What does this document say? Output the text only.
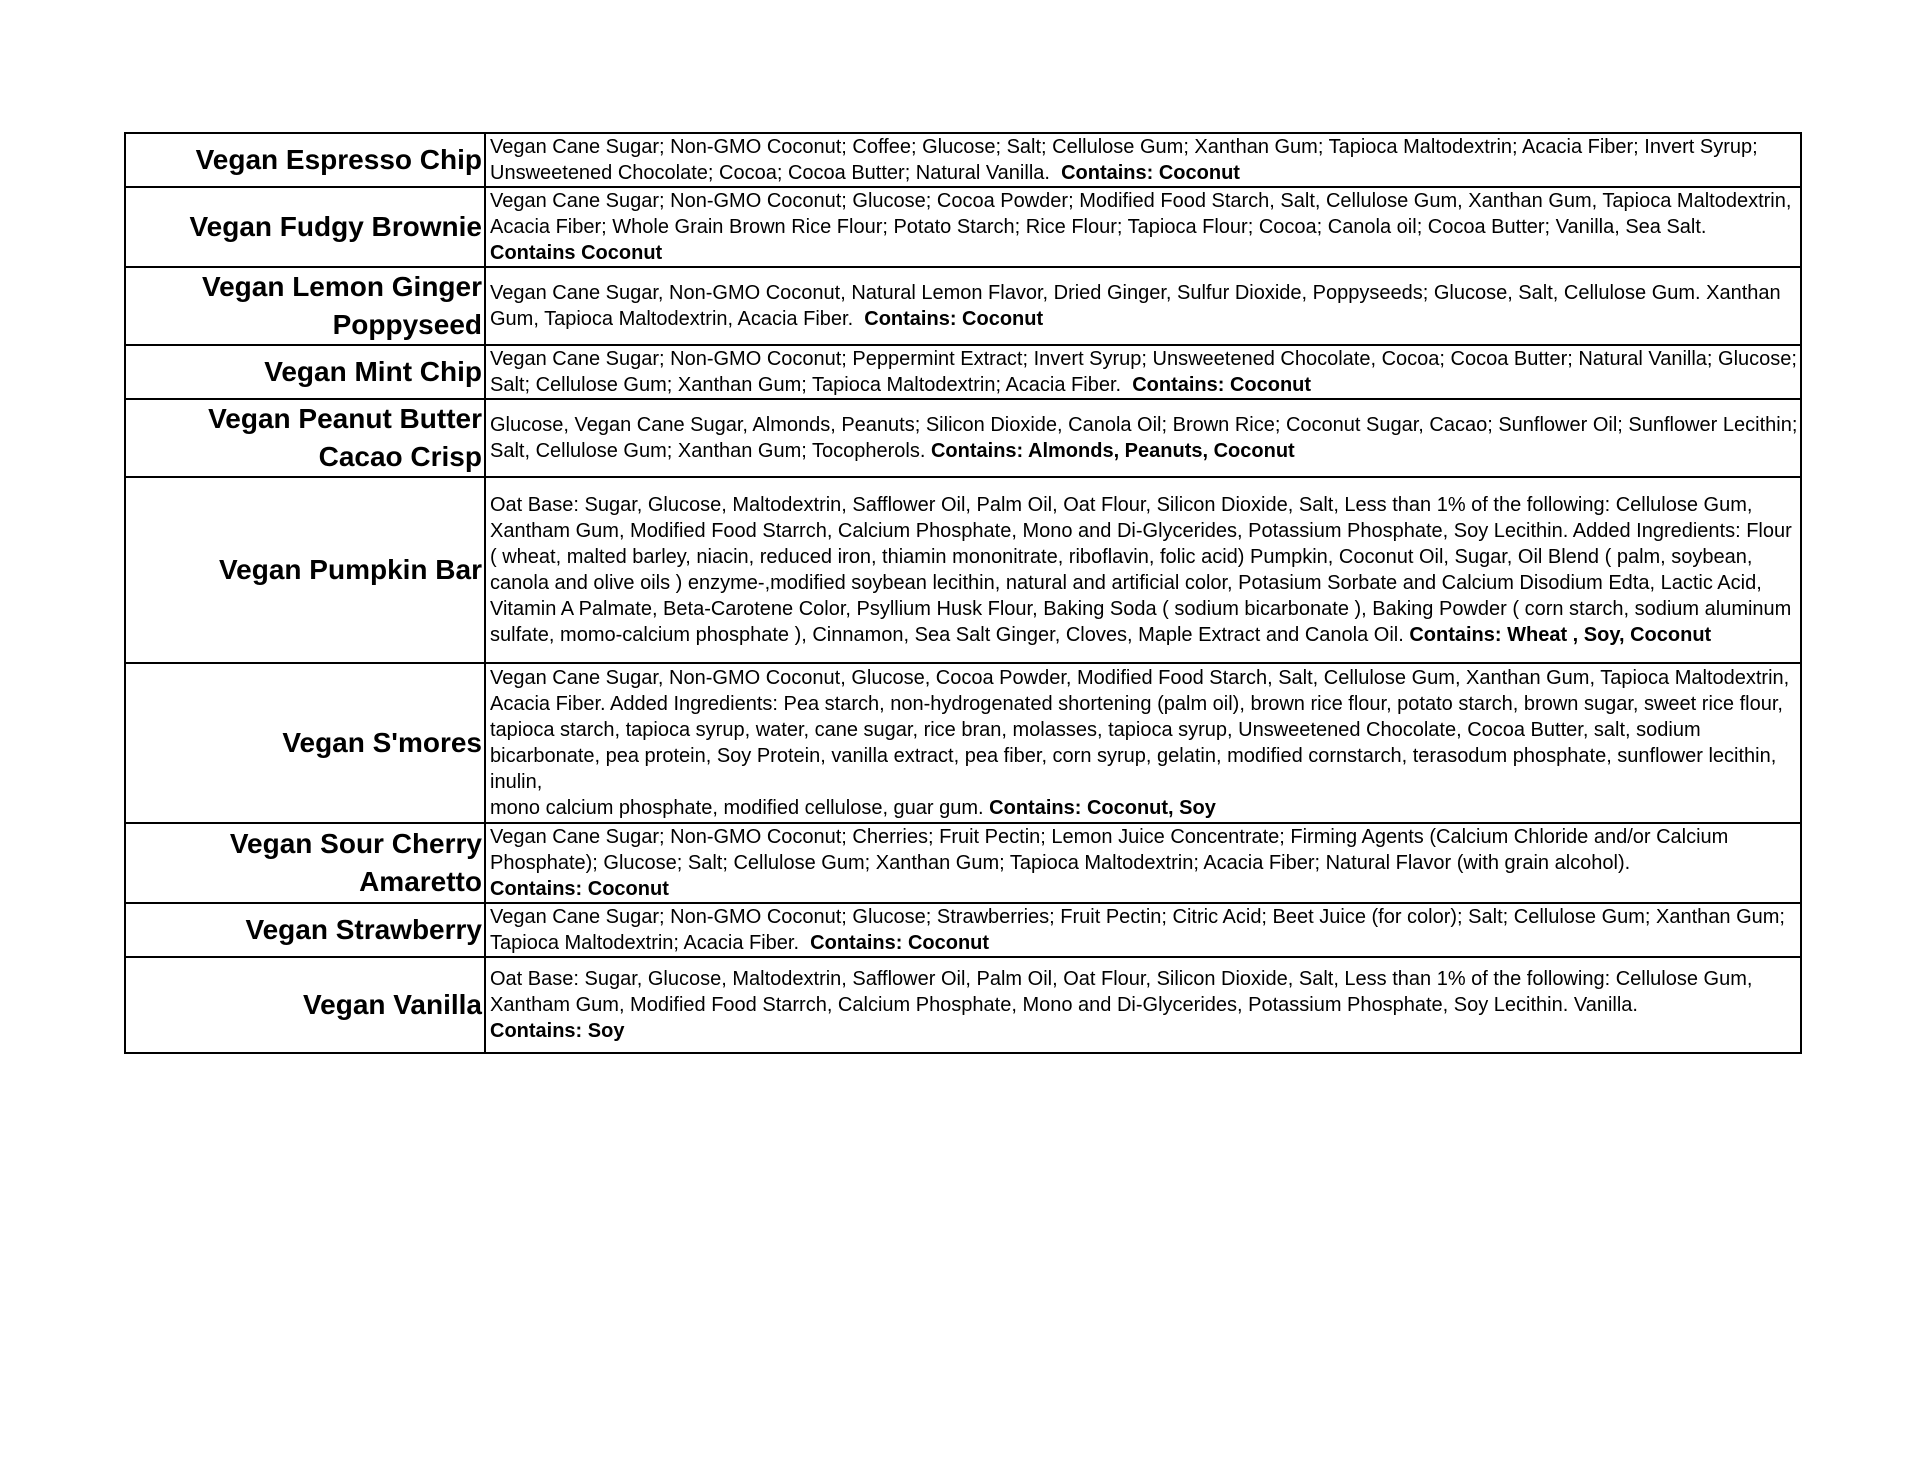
Vegan Espresso Chip	Vegan Cane Sugar; Non-GMO Coconut; Coffee; Glucose; Salt; Cellulose Gum; Xanthan Gum; Tapioca Maltodextrin; Acacia Fiber; Invert Syrup; Unsweetened Chocolate; Cocoa; Cocoa Butter; Natural Vanilla. Contains: Coconut
Vegan Fudgy Brownie	Vegan Cane Sugar; Non-GMO Coconut; Glucose; Cocoa Powder; Modified Food Starch, Salt, Cellulose Gum, Xanthan Gum, Tapioca Maltodextrin, Acacia Fiber; Whole Grain Brown Rice Flour; Potato Starch; Rice Flour; Tapioca Flour; Cocoa; Canola oil; Cocoa Butter; Vanilla, Sea Salt.   Contains Coconut
Vegan Lemon Ginger Poppyseed	Vegan Cane Sugar, Non-GMO Coconut, Natural Lemon Flavor, Dried Ginger, Sulfur Dioxide, Poppyseeds; Glucose, Salt, Cellulose Gum. Xanthan Gum, Tapioca Maltodextrin, Acacia Fiber. Contains: Coconut
Vegan Mint Chip	Vegan Cane Sugar; Non-GMO Coconut; Peppermint Extract; Invert Syrup; Unsweetened Chocolate, Cocoa; Cocoa Butter; Natural Vanilla; Glucose; Salt; Cellulose Gum; Xanthan Gum; Tapioca Maltodextrin; Acacia Fiber. Contains: Coconut
Vegan Peanut Butter Cacao Crisp	Glucose, Vegan Cane Sugar, Almonds, Peanuts; Silicon Dioxide, Canola Oil; Brown Rice; Coconut Sugar, Cacao; Sunflower Oil; Sunflower Lecithin; Salt, Cellulose Gum; Xanthan Gum; Tocopherols. Contains: Almonds, Peanuts, Coconut
Vegan Pumpkin Bar	Oat Base: Sugar, Glucose, Maltodextrin, Safflower Oil, Palm Oil, Oat Flour, Silicon Dioxide, Salt, Less than 1% of the following: Cellulose Gum, Xantham Gum, Modified Food Starrch, Calcium Phosphate, Mono and Di-Glycerides, Potassium Phosphate, Soy Lecithin. Added Ingredients: Flour ( wheat, malted barley, niacin, reduced iron, thiamin mononitrate, riboflavin, folic acid) Pumpkin, Coconut Oil, Sugar, Oil Blend ( palm, soybean, canola and olive oils ) enzyme-,modified soybean lecithin, natural and artificial color, Potasium Sorbate and Calcium Disodium Edta, Lactic Acid, Vitamin A Palmate, Beta-Carotene Color, Psyllium Husk Flour, Baking Soda ( sodium bicarbonate ), Baking Powder ( corn starch, sodium aluminum sulfate, momo-calcium phosphate ), Cinnamon, Sea Salt Ginger, Cloves, Maple Extract and Canola Oil. Contains: Wheat , Soy, Coconut
Vegan S'mores	Vegan Cane Sugar, Non-GMO Coconut, Glucose, Cocoa Powder, Modified Food Starch, Salt, Cellulose Gum, Xanthan Gum, Tapioca Maltodextrin, Acacia Fiber. Added Ingredients: Pea starch, non-hydrogenated shortening (palm oil), brown rice flour, potato starch, brown sugar, sweet rice flour, tapioca starch, tapioca syrup, water, cane sugar, rice bran, molasses, tapioca syrup, Unsweetened Chocolate, Cocoa Butter, salt, sodium bicarbonate, pea protein, Soy Protein, vanilla extract, pea fiber, corn syrup, gelatin, modified cornstarch, terasodum phosphate, sunflower lecithin, inulin,
mono calcium phosphate, modified cellulose, guar gum. Contains: Coconut, Soy
Vegan Sour Cherry Amaretto	Vegan Cane Sugar; Non-GMO Coconut; Cherries; Fruit Pectin; Lemon Juice Concentrate; Firming Agents (Calcium Chloride and/or Calcium Phosphate); Glucose; Salt; Cellulose Gum; Xanthan Gum; Tapioca Maltodextrin; Acacia Fiber; Natural Flavor (with grain alcohol).
Contains: Coconut
Vegan Strawberry	Vegan Cane Sugar; Non-GMO Coconut; Glucose; Strawberries; Fruit Pectin; Citric Acid; Beet Juice (for color); Salt; Cellulose Gum; Xanthan Gum; Tapioca Maltodextrin; Acacia Fiber. Contains: Coconut
Vegan Vanilla	Oat Base: Sugar, Glucose, Maltodextrin, Safflower Oil, Palm Oil, Oat Flour, Silicon Dioxide, Salt, Less than 1% of the following: Cellulose Gum, Xantham Gum, Modified Food Starrch, Calcium Phosphate, Mono and Di-Glycerides, Potassium Phosphate, Soy Lecithin. Vanilla.
Contains: Soy
